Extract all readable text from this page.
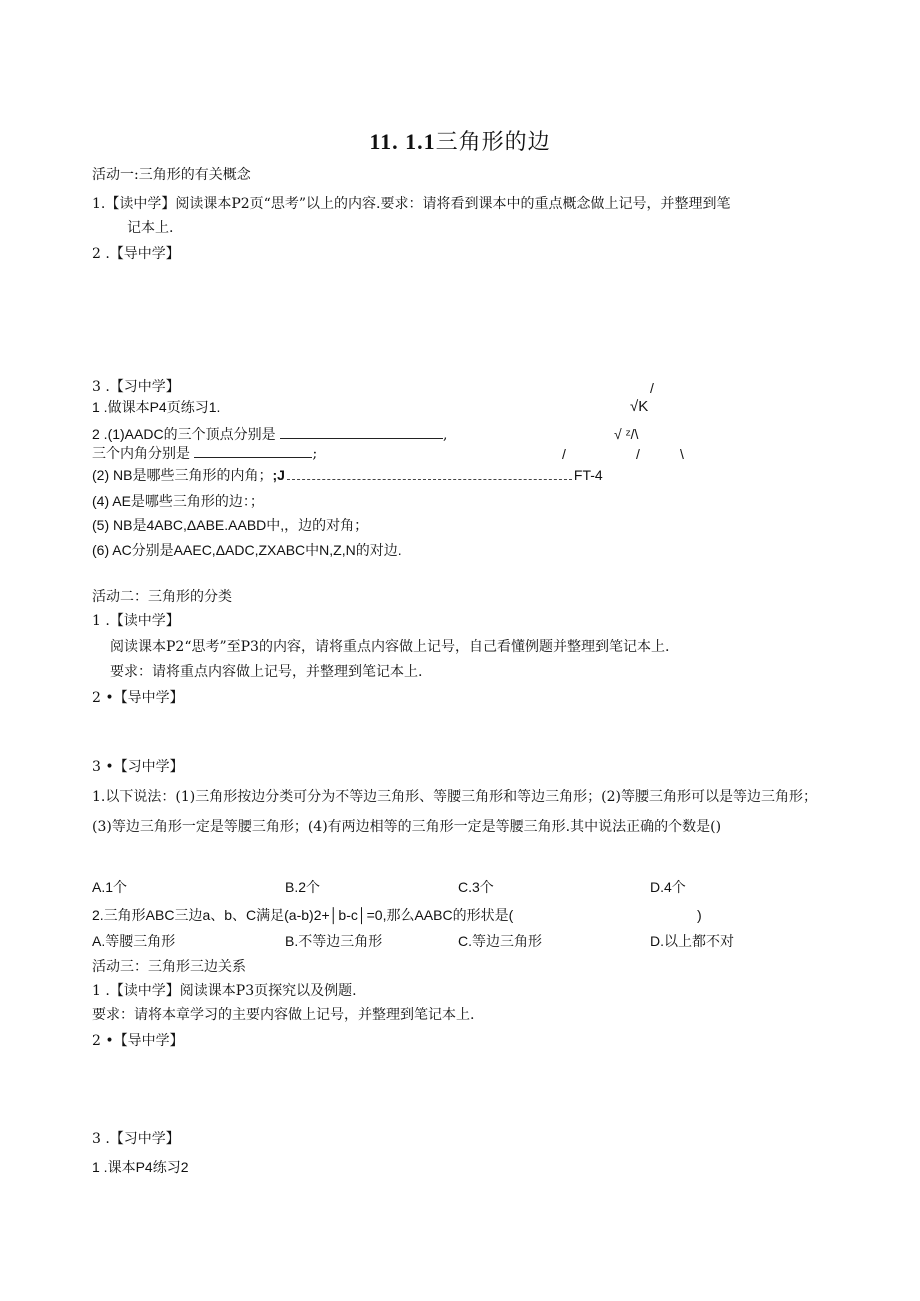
11. 1.1三角形的边
活动一:三角形的有关概念
1.【读中学】阅读课本P2页“思考”以上的内容.要求：请将看到课本中的重点概念做上记号，并整理到笔
记本上.
2 .【导中学】
3 .【习中学】
1 .做课本P4页练习1.
2 .(1)AADC的三个顶点分别是	,
三个内角分别是	;
(2) NB是哪些三角形的内角；;J	FT-4
(4) AE是哪些三角形的边：；
(5) NB是4ABC,ΔABE.AABD中,，边的对角；
(6) AC分别是AAEC,ΔADC,ZXABC中N,Z,N的对边.
/
√K
√ ᶻ/\
/	/	\
活动二：三角形的分类
1 .【读中学】
阅读课本P2“思考”至P3的内容，请将重点内容做上记号，自己看懂例题并整理到笔记本上.
要求：请将重点内容做上记号，并整理到笔记本上.
2 •【导中学】
3 •【习中学】
1.以下说法：(1)三角形按边分类可分为不等边三角形、等腰三角形和等边三角形；(2)等腰三角形可以是等边三角形；(3)等边三角形一定是等腰三角形；(4)有两边相等的三角形一定是等腰三角形.其中说法正确的个数是()
A.1个	B.2个	C.3个	D.4个
2.三角形ABC三边a、b、C满足(a-b)2+│b-c│=0,那么AABC的形状是(	)
A.等腰三角形	B.不等边三角形	C.等边三角形	D.以上都不对
活动三：三角形三边关系
1 .【读中学】阅读课本P3页探究以及例题.
要求：请将本章学习的主要内容做上记号，并整理到笔记本上.
2 •【导中学】
3 .【习中学】
1 .课本P4练习2
